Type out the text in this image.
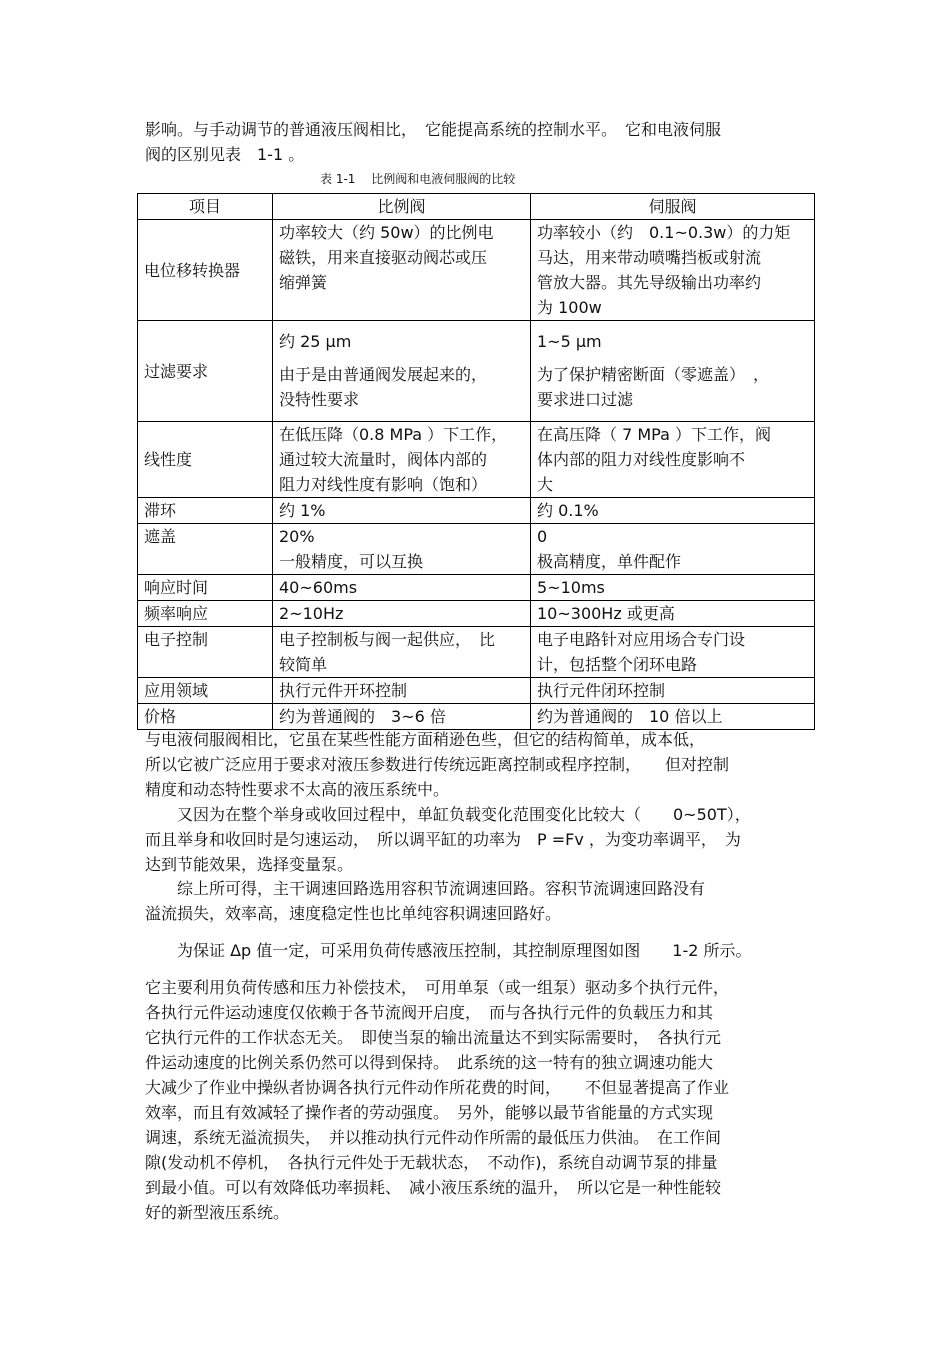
影响。与手动调节的普通液压阀相比，　它能提高系统的控制水平。　它和电液伺服
阀的区别见表　1-1 。
表 1-1　 比例阀和电液伺服阀的比较
项目	比例阀	伺服阀
电位移转换器	功率较大（约 50w）的比例电
磁铁，用来直接驱动阀芯或压
缩弹簧	功率较小（约　0.1~0.3w）的力矩
马达，用来带动喷嘴挡板或射流
管放大器。其先导级输出功率约
为 100w

过滤要求	约 25 μm
由于是由普通阀发展起来的，
没特性要求	1~5 μm
为了保护精密断面（零遮盖）　，
要求进口过滤

线性度	在低压降（0.8 MPa ）下工作，
通过较大流量时，阀体内部的
阻力对线性度有影响（饱和）	在高压降（ 7 MPa ）下工作，阀
体内部的阻力对线性度影响不
大

滞环	约 1%	约 0.1%

遮盖	20%
一般精度，可以互换	0
极高精度，单件配作

响应时间	40~60ms	5~10ms

频率响应	2~10Hz	10~300Hz 或更高

电子控制	电子控制板与阀一起供应，　比
较简单	电子电路针对应用场合专门设
计，包括整个闭环电路

应用领域	执行元件开环控制	执行元件闭环控制

价格	约为普通阀的　3~6 倍	约为普通阀的　10 倍以上
与电液伺服阀相比，它虽在某些性能方面稍逊色些，但它的结构简单，成本低，
所以它被广泛应用于要求对液压参数进行传统远距离控制或程序控制，　　但对控制
精度和动态特性要求不太高的液压系统中。
　　又因为在整个举身或收回过程中，单缸负载变化范围变化比较大（　　0~50T），
而且举身和收回时是匀速运动，　所以调平缸的功率为　P =Fv ，为变功率调平，　为
达到节能效果，选择变量泵。
　　综上所可得，主干调速回路选用容积节流调速回路。容积节流调速回路没有
溢流损失，效率高，速度稳定性也比单纯容积调速回路好。
　　为保证 Δp 值一定，可采用负荷传感液压控制，其控制原理图如图　　1-2 所示。
它主要利用负荷传感和压力补偿技术，　可用单泵（或一组泵）驱动多个执行元件，
各执行元件运动速度仅依赖于各节流阀开启度，　而与各执行元件的负载压力和其
它执行元件的工作状态无关。　即使当泵的输出流量达不到实际需要时，　各执行元
件运动速度的比例关系仍然可以得到保持。　此系统的这一特有的独立调速功能大
大减少了作业中操纵者协调各执行元件动作所花费的时间，　　不但显著提高了作业
效率，而且有效减轻了操作者的劳动强度。　另外，能够以最节省能量的方式实现
调速，系统无溢流损失，　并以推动执行元件动作所需的最低压力供油。　在工作间
隙(发动机不停机，　各执行元件处于无载状态，　不动作)，系统自动调节泵的排量
到最小值。可以有效降低功率损耗、　减小液压系统的温升，　所以它是一种性能较
好的新型液压系统。
